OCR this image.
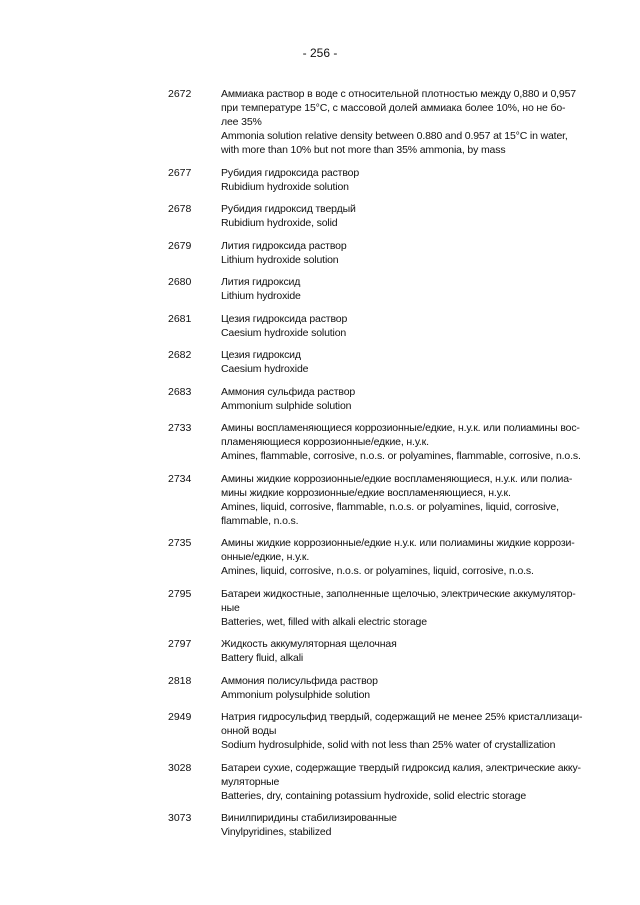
- 256 -
2672	Аммиака раствор в воде с относительной плотностью между 0,880 и 0,957
при температуре 15°С, с массовой долей аммиака более 10%, но не бо-
лее 35%
Ammonia solution relative density between 0.880 and 0.957 at 15°C in water,
with more than 10% but not more than 35% ammonia, by mass
2677	Рубидия гидроксида раствор
Rubidium hydroxide solution
2678	Рубидия гидроксид твердый
Rubidium hydroxide, solid
2679	Лития гидроксида раствор
Lithium hydroxide solution
2680	Лития гидроксид
Lithium hydroxide
2681	Цезия гидроксида раствор
Caesium hydroxide solution
2682	Цезия гидроксид
Caesium hydroxide
2683	Аммония сульфида раствор
Ammonium sulphide solution
2733	Амины воспламеняющиеся коррозионные/едкие, н.у.к. или полиамины вос-
пламеняющиеся коррозионные/едкие, н.у.к.
Amines, flammable, corrosive, n.o.s. or polyamines, flammable, corrosive, n.o.s.
2734	Амины жидкие коррозионные/едкие воспламеняющиеся, н.у.к. или полиа-
мины жидкие коррозионные/едкие воспламеняющиеся, н.у.к.
Amines, liquid, corrosive, flammable, n.o.s. or polyamines, liquid, corrosive,
flammable, n.o.s.
2735	Амины жидкие коррозионные/едкие н.у.к. или полиамины жидкие коррози-
онные/едкие, н.у.к.
Amines, liquid, corrosive, n.o.s. or polyamines, liquid, corrosive, n.o.s.
2795	Батареи жидкостные, заполненные щелочью, электрические аккумулятор-
ные
Batteries, wet, filled with alkali electric storage
2797	Жидкость аккумуляторная щелочная
Battery fluid, alkali
2818	Аммония полисульфида раствор
Ammonium polysulphide solution
2949	Натрия гидросульфид твердый, содержащий не менее 25% кристаллизаци-
онной воды
Sodium hydrosulphide, solid with not less than 25% water of crystallization
3028	Батареи сухие, содержащие твердый гидроксид калия, электрические акку-
муляторные
Batteries, dry, containing potassium hydroxide, solid electric storage
3073	Винилпиридины стабилизированные
Vinylpyridines, stabilized
